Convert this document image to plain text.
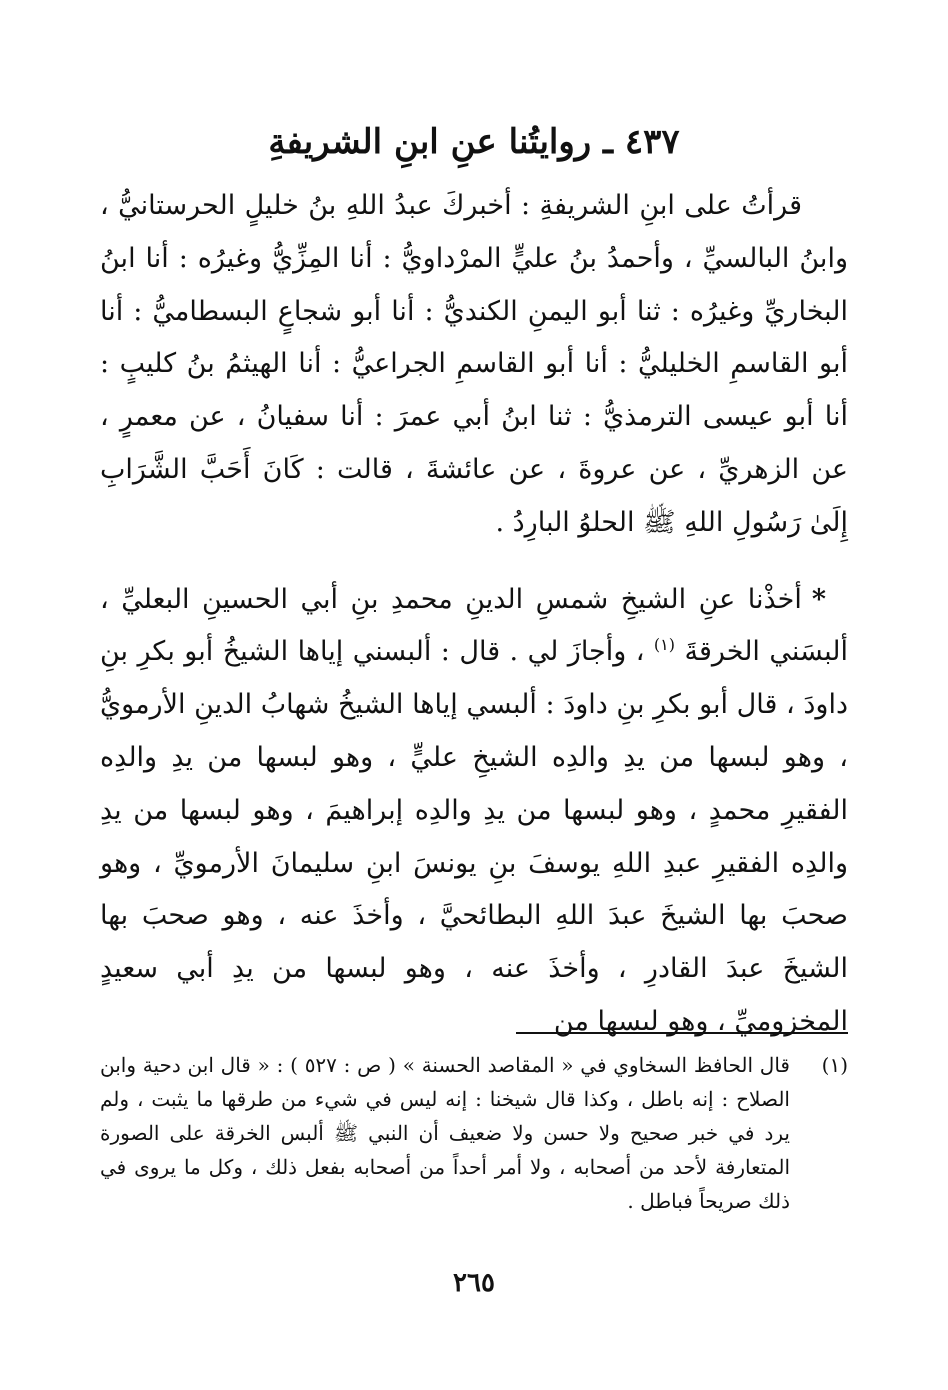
٤٣٧ ـ روايتُنا عنِ ابنِ الشريفةِ

قرأتُ على ابنِ الشريفةِ : أخبركَ عبدُ اللهِ بنُ خليلٍ الحرستانيُّ ، وابنُ البالسيِّ ، وأحمدُ بنُ عليٍّ المرْداويُّ : أنا المِزِّيُّ وغيرُه : أنا ابنُ البخاريِّ وغيرُه : ثنا أبو اليمنِ الكنديُّ : أنا أبو شجاعٍ البسطاميُّ : أنا أبو القاسمِ الخليليُّ : أنا أبو القاسمِ الجراعيُّ : أنا الهيثمُ بنُ كليبٍ : أنا أبو عيسى الترمذيُّ : ثنا ابنُ أبي عمرَ : أنا سفيانُ ، عن معمرٍ ، عن الزهريِّ ، عن عروةَ ، عن عائشةَ ، قالت : كَانَ أَحَبَّ الشَّرَابِ إِلَىٰ رَسُولِ اللهِ ﷺ الحلوُ البارِدُ .

*أخذْنا عنِ الشيخِ شمسِ الدينِ محمدِ بنِ أبي الحسينِ البعليِّ ، ألبسَني الخرقةَ $^{(١)}$ ، وأجازَ لي . قال : ألبسني إياها الشيخُ أبو بكرِ بنِ داودَ ، قال أبو بكرِ بنِ داودَ : ألبسي إياها الشيخُ شهابُ الدينِ الأرمويُّ ، وهو لبسها من يدِ والدِه الشيخِ عليٍّ ، وهو لبسها من يدِ والدِه الفقيرِ محمدٍ ، وهو لبسها من يدِ والدِه إبراهيمَ ، وهو لبسها من يدِ والدِه الفقيرِ عبدِ اللهِ يوسفَ بنِ يونسَ ابنِ سليمانَ الأرمويِّ ، وهو صحبَ بها الشيخَ عبدَ اللهِ البطائحيَّ ، وأخذَ عنه ، وهو صحبَ بها الشيخَ عبدَ القادرِ ، وأخذَ عنه ، وهو لبسها من يدِ أبي سعيدٍ المخزوميِّ ، وهو لبسها من

(١)
قال الحافظ السخاوي في « المقاصد الحسنة » ( ص : ٥٢٧ ) : « قال ابن دحية وابن الصلاح : إنه باطل ، وكذا قال شيخنا : إنه ليس في شيء من طرقها ما يثبت ، ولم يرد في خبر صحيح ولا حسن ولا ضعيف أن النبي ﷺ ألبس الخرقة على الصورة المتعارفة لأحد من أصحابه ، ولا أمر أحداً من أصحابه بفعل ذلك ، وكل ما يروى في ذلك صريحاً فباطل .
٢٦٥
